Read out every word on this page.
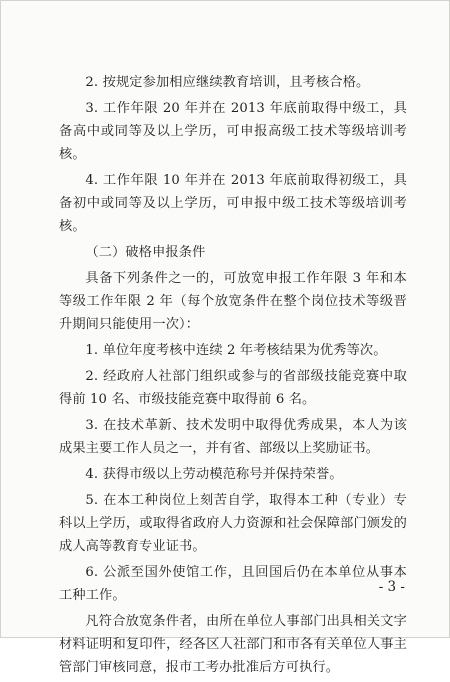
2. 按规定参加相应继续教育培训，且考核合格。

3. 工作年限 20 年并在 2013 年底前取得中级工，具备高中或同等及以上学历，可申报高级工技术等级培训考核。

4. 工作年限 10 年并在 2013 年底前取得初级工，具备初中或同等及以上学历，可申报中级工技术等级培训考核。

（二）破格申报条件

具备下列条件之一的，可放宽申报工作年限 3 年和本等级工作年限 2 年（每个放宽条件在整个岗位技术等级晋升期间只能使用一次）：

1. 单位年度考核中连续 2 年考核结果为优秀等次。

2. 经政府人社部门组织或参与的省部级技能竞赛中取得前 10 名、市级技能竞赛中取得前 6 名。

3. 在技术革新、技术发明中取得优秀成果，本人为该成果主要工作人员之一，并有省、部级以上奖励证书。

4. 获得市级以上劳动模范称号并保持荣誉。

5. 在本工种岗位上刻苦自学，取得本工种（专业）专科以上学历，或取得省政府人力资源和社会保障部门颁发的成人高等教育专业证书。

6. 公派至国外使馆工作，且回国后仍在本单位从事本工种工作。

凡符合放宽条件者，由所在单位人事部门出具相关文字材料证明和复印件，经各区人社部门和市各有关单位人事主管部门审核同意，报市工考办批准后方可执行。

- 3 -
